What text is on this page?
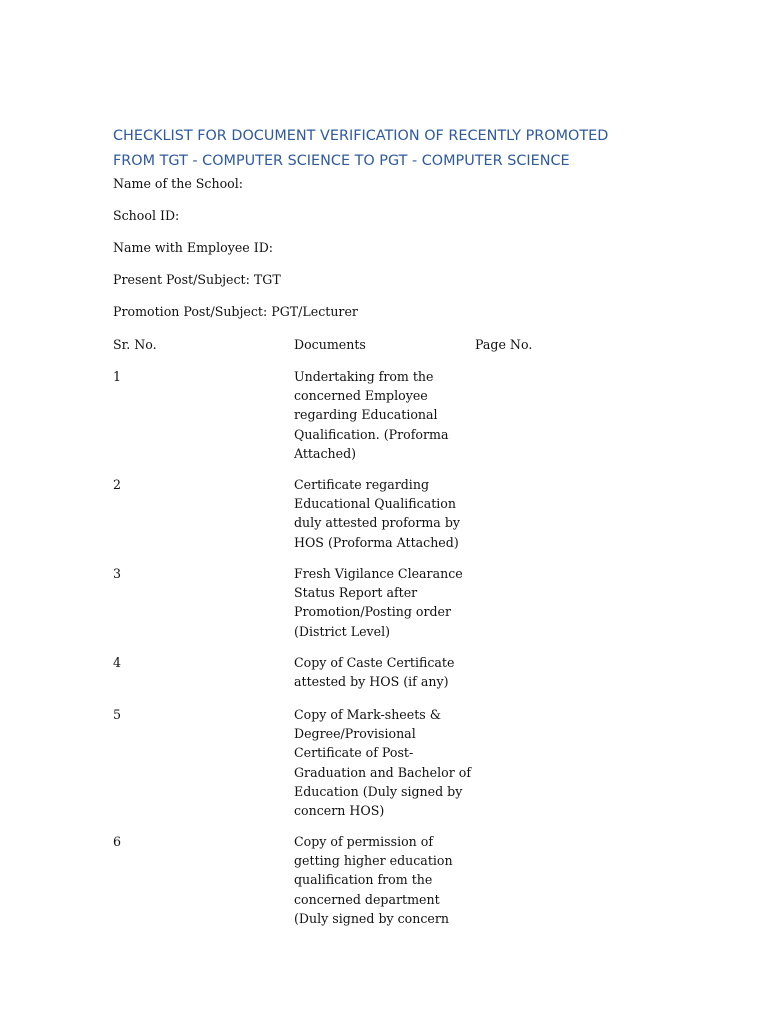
CHECKLIST FOR DOCUMENT VERIFICATION OF RECENTLY PROMOTED
FROM TGT - COMPUTER SCIENCE TO PGT - COMPUTER SCIENCE
Name of the School:
School ID:
Name with Employee ID:
Present Post/Subject: TGT
Promotion Post/Subject: PGT/Lecturer
Sr. No.	Documents	Page No.
1	Undertaking from the
concerned Employee
regarding Educational
Qualification. (Proforma
Attached)
2	Certificate regarding
Educational Qualification
duly attested proforma by
HOS (Proforma Attached)
3	Fresh Vigilance Clearance
Status Report after
Promotion/Posting order
(District Level)
4	Copy of Caste Certificate
attested by HOS (if any)
5	Copy of Mark-sheets &
Degree/Provisional
Certificate of Post-
Graduation and Bachelor of
Education (Duly signed by
concern HOS)
6	Copy of permission of
getting higher education
qualification from the
concerned department
(Duly signed by concern
